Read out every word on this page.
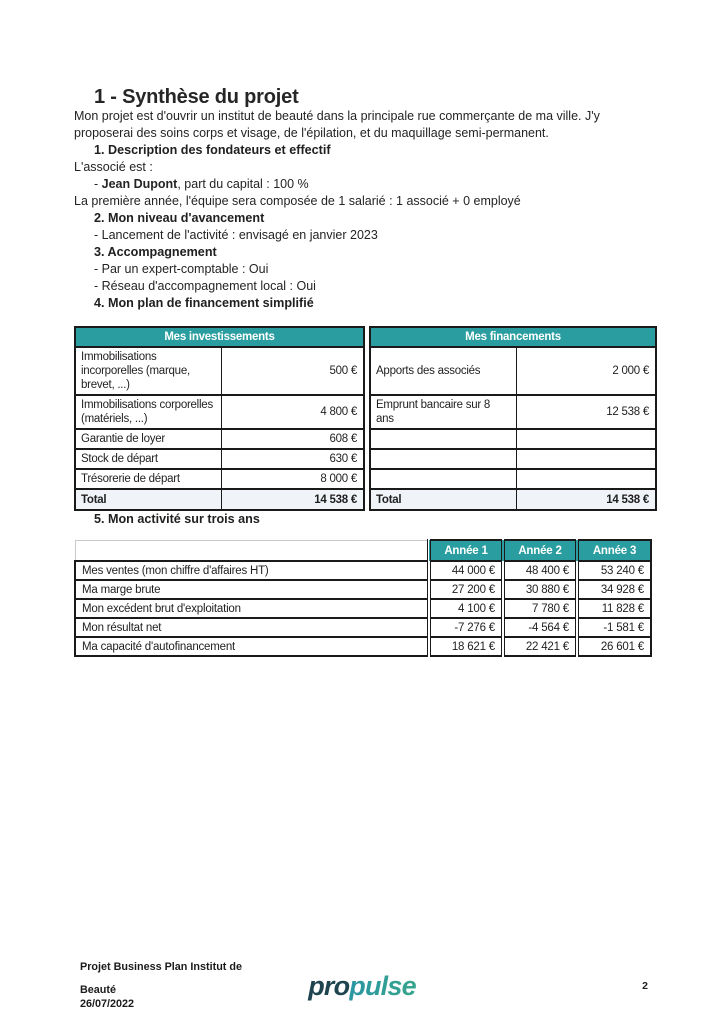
1 - Synthèse du projet

Mon projet est d'ouvrir un institut de beauté dans la principale rue commerçante de ma ville. J'y proposerai des soins corps et visage, de l'épilation, et du maquillage semi-permanent.

1. Description des fondateurs et effectif

L'associé est :

- Jean Dupont, part du capital : 100 %

La première année, l'équipe sera composée de 1 salarié : 1 associé + 0 employé

2. Mon niveau d'avancement

- Lancement de l'activité : envisagé en janvier 2023

3. Accompagnement

- Par un expert-comptable : Oui

- Réseau d'accompagnement local : Oui

4. Mon plan de financement simplifié
Mes investissements	
Immobilisations incorporelles (marque, brevet, ...)	500 €
Immobilisations corporelles (matériels, ...)	4 800 €
Garantie de loyer	608 €
Stock de départ	630 €
Trésorerie de départ	8 000 €
Total	14 538 €
Mes financements	
Apports des associés	2 000 €
Emprunt bancaire sur 8 ans	12 538 €

Total	14 538 €
5. Mon activité sur trois ans
	Année 1	Année 2	Année 3
Mes ventes (mon chiffre d'affaires HT)	44 000 €	48 400 €	53 240 €
Ma marge brute	27 200 €	30 880 €	34 928 €
Mon excédent brut d'exploitation	4 100 €	7 780 €	11 828 €
Mon résultat net	-7 276 €	-4 564 €	-1 581 €
Ma capacité d'autofinancement	18 621 €	22 421 €	26 601 €
Projet Business Plan Institut de
Beauté
26/07/2022
propulse	2
